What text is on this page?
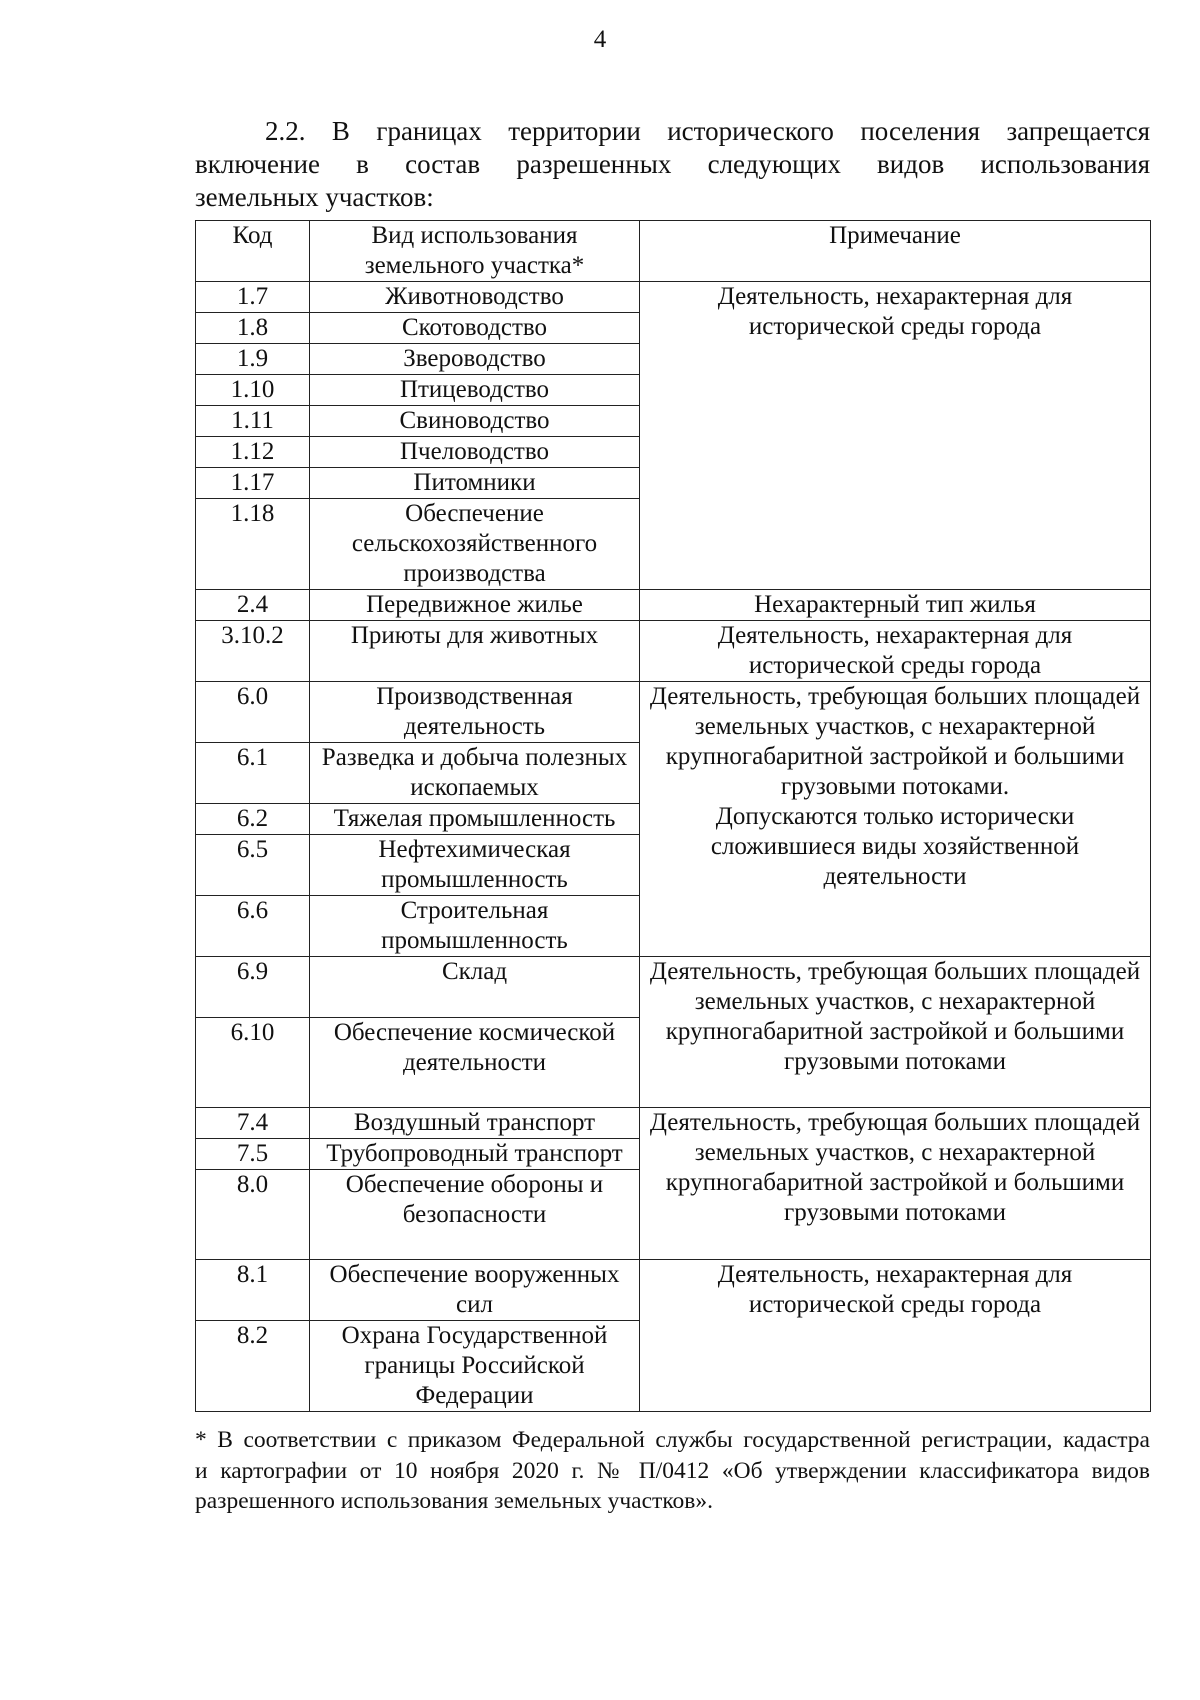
4
2.2. В границах территории исторического поселения запрещается
включение в состав разрешенных следующих видов использования
земельных участков:
Код	Вид использования земельного участка*	Примечание
1.7	Животноводство	Деятельность, нехарактерная для исторической среды города
1.8	Скотоводство	
1.9	Звероводство	
1.10	Птицеводство	
1.11	Свиноводство	
1.12	Пчеловодство	
1.17	Питомники	
1.18	Обеспечение сельскохозяйственного производства	
2.4	Передвижное жилье	Нехарактерный тип жилья
3.10.2	Приюты для животных	Деятельность, нехарактерная для исторической среды города
6.0	Производственная деятельность	Деятельность, требующая больших площадей земельных участков, с нехарактерной крупногабаритной застройкой и большими грузовыми потоками.
Допускаются только исторически сложившиеся виды хозяйственной деятельности

6.1	Разведка и добыча полезных ископаемых	
6.2	Тяжелая промышленность	
6.5	Нефтехимическая промышленность	
6.6	Строительная промышленность	
6.9	Склад	Деятельность, требующая больших площадей земельных участков, с нехарактерной крупногабаритной застройкой и большими грузовыми потоками
6.10	Обеспечение космической деятельности	
7.4	Воздушный транспорт	Деятельность, требующая больших площадей земельных участков, с нехарактерной крупногабаритной застройкой и большими грузовыми потоками
7.5	Трубопроводный транспорт	
8.0	Обеспечение обороны и безопасности	
8.1	Обеспечение вооруженных сил	Деятельность, нехарактерная для исторической среды города
8.2	Охрана Государственной границы Российской Федерации	
* В соответствии с приказом Федеральной службы государственной регистрации, кадастра
и картографии от 10 ноября 2020 г. № П/0412 «Об утверждении классификатора видов
разрешенного использования земельных участков».
